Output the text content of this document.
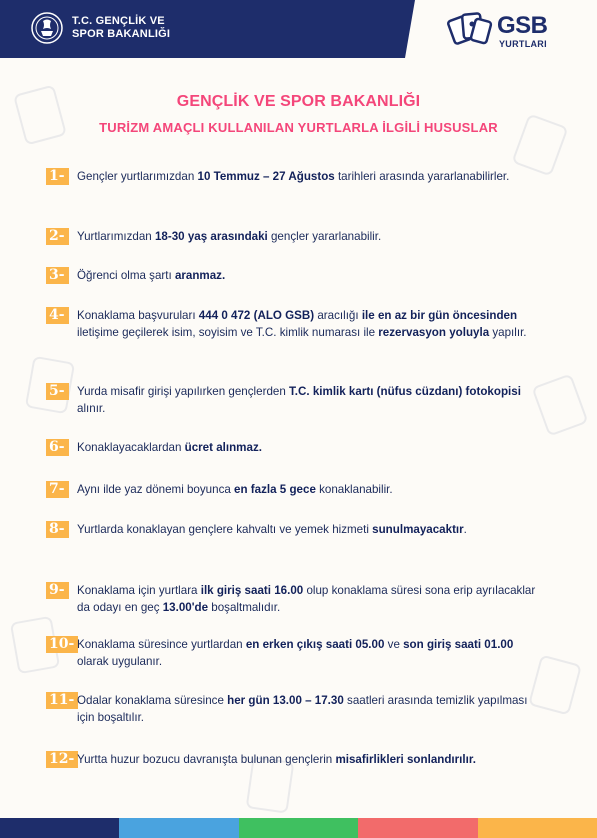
T.C. GENÇLİK VE
SPOR BAKANLIĞI	GSB
YURTLARI
GENÇLİK VE SPOR BAKANLIĞI
TURİZM AMAÇLI KULLANILAN YURTLARLA İLGİLİ HUSUSLAR
1 -	Gençler yurtlarımızdan 10 Temmuz – 27 Ağustos tarihleri arasında yararlanabilirler.
2 -	Yurtlarımızdan 18-30 yaş arasındaki gençler yararlanabilir.
3 -	Öğrenci olma şartı aranmaz.
4 -	Konaklama başvuruları 444 0 472 (ALO GSB) aracılığı ile en az bir gün öncesinden iletişime geçilerek isim, soyisim ve T.C. kimlik numarası ile rezervasyon yoluyla yapılır.
5 -	Yurda misafir girişi yapılırken gençlerden T.C. kimlik kartı (nüfus cüzdanı) fotokopisi alınır.
6 -	Konaklayacaklardan ücret alınmaz.
7 -	Aynı ilde yaz dönemi boyunca en fazla 5 gece konaklanabilir.
8 -	Yurtlarda konaklayan gençlere kahvaltı ve yemek hizmeti sunulmayacaktır.
9 -	Konaklama için yurtlara ilk giriş saati 16.00 olup konaklama süresi sona erip ayrılacaklar da odayı en geç 13.00'de boşaltmalıdır.
10 - Konaklama süresince yurtlardan en erken çıkış saati 05.00 ve son giriş saati 01.00 olarak uygulanır.
11 - Odalar konaklama süresince her gün 13.00 – 17.30 saatleri arasında temizlik yapılması için boşaltılır.
12 - Yurtta huzur bozucu davranışta bulunan gençlerin misafirlikleri sonlandırılır.
